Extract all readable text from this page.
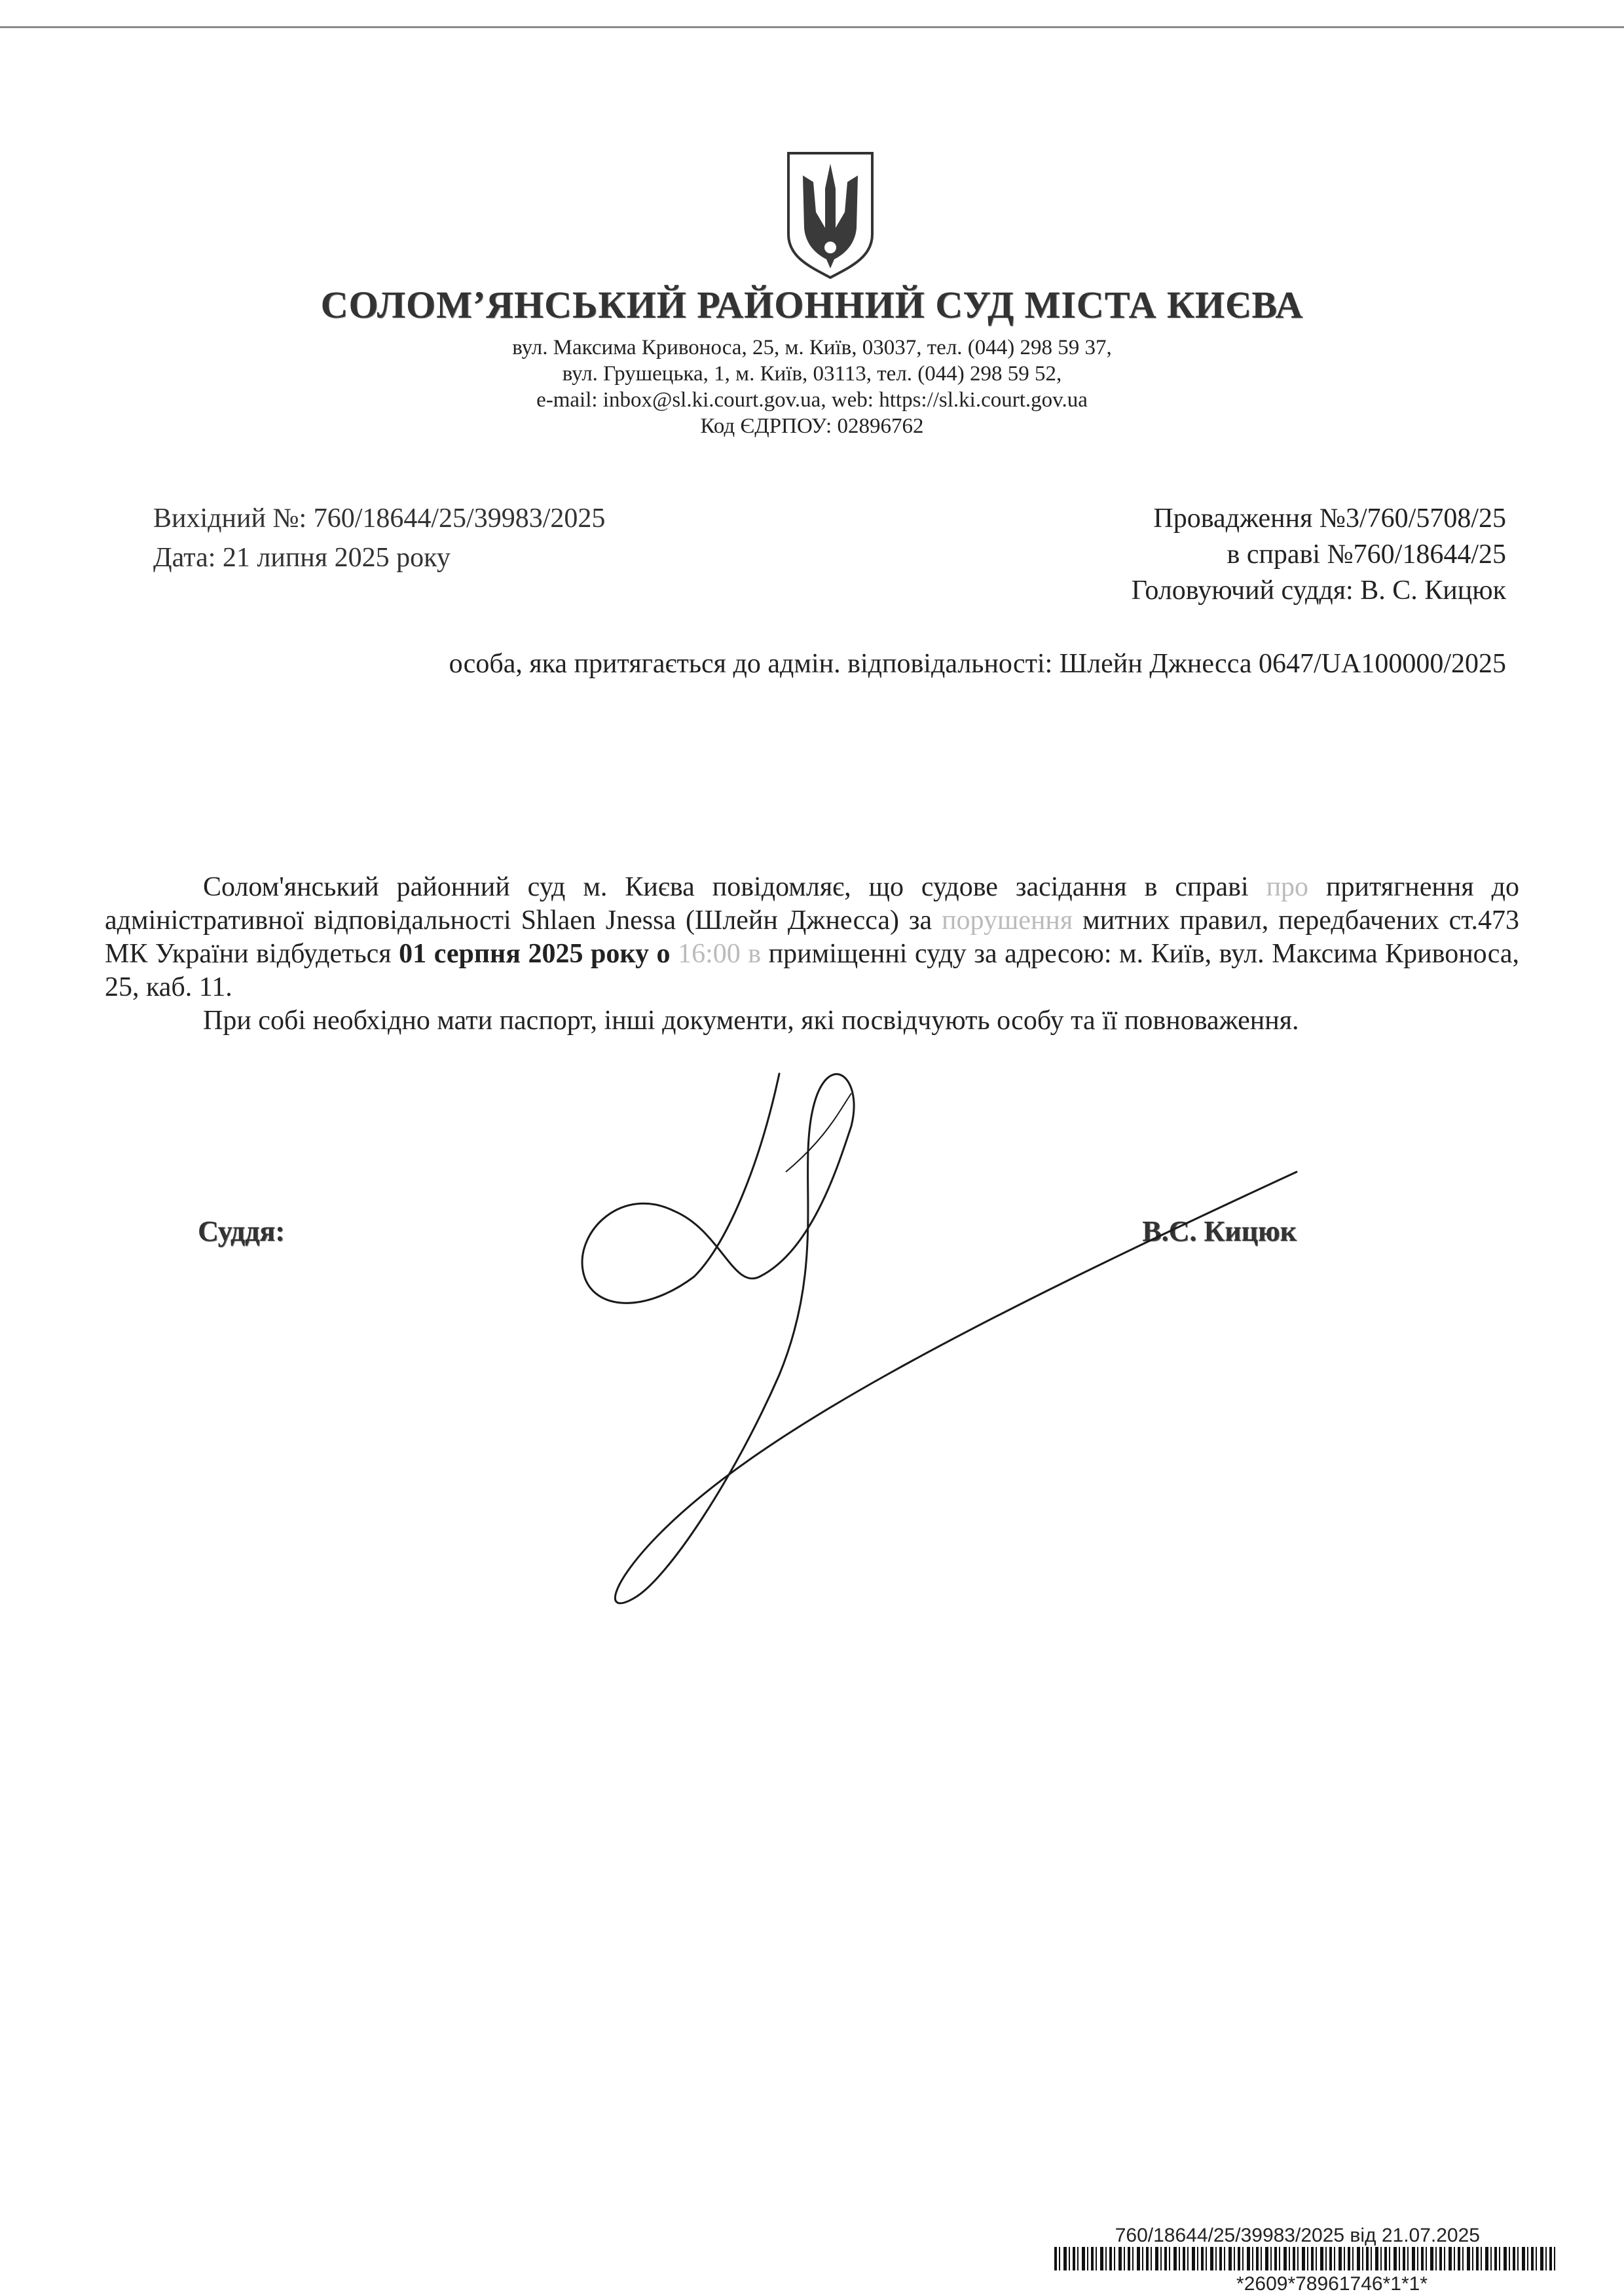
СОЛОМ’ЯНСЬКИЙ РАЙОННИЙ СУД МІСТА КИЄВА
вул. Максима Кривоноса, 25, м. Київ, 03037, тел. (044) 298 59 37,
вул. Грушецька, 1, м. Київ, 03113, тел. (044) 298 59 52,
e-mail: inbox@sl.ki.court.gov.ua, web: https://sl.ki.court.gov.ua
Код ЄДРПОУ: 02896762
Вихідний №: 760/18644/25/39983/2025
Дата: 21 липня 2025 року
Провадження №3/760/5708/25
в справі №760/18644/25
Головуючий суддя: В. С. Кицюк
особа, яка притягається до адмін. відповідальності: Шлейн Джнесса 0647/UA100000/2025

Солом'янський районний суд м. Києва повідомляє, що судове засідання в справі про притягнення до адміністративної відповідальності Shlaen Jnessa (Шлейн Джнесса) за порушення митних правил, передбачених ст.473 МК України відбудеться 01 серпня 2025 року о 16:00 в приміщенні суду за адресою: м. Київ, вул. Максима Кривоноса, 25, каб. 11.

При собі необхідно мати паспорт, інші документи, які посвідчують особу та її повноваження.

Суддя:	В.С. Кицюк
760/18644/25/39983/2025 від 21.07.2025
*2609*78961746*1*1*
